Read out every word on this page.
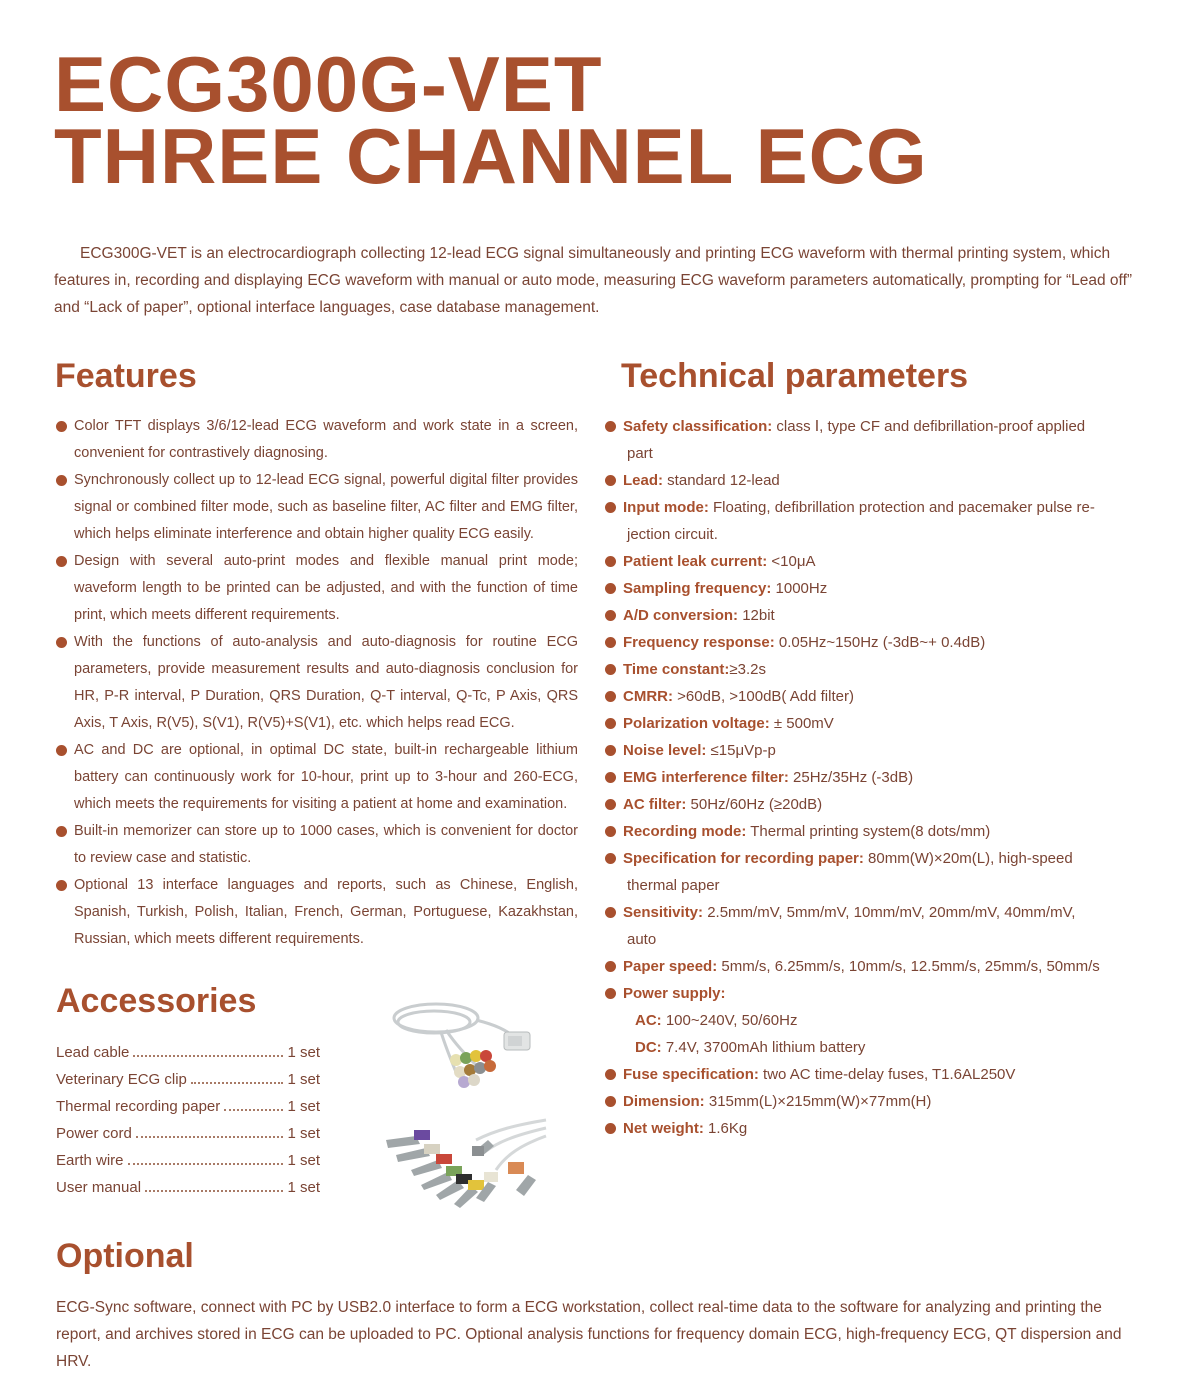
ECG300G-VET
THREE CHANNEL ECG

ECG300G-VET is an electrocardiograph collecting 12-lead ECG signal simultaneously and printing ECG waveform with thermal printing system, which features in, recording and displaying ECG waveform with manual or auto mode, measuring ECG waveform parameters automatically, prompting for “Lead off” and “Lack of paper”, optional interface languages, case database management.

Features
Color TFT displays 3/6/12-lead ECG waveform and work state in a screen, convenient for contrastively diagnosing.
Synchronously collect up to 12-lead ECG signal, powerful digital filter provides signal or combined filter mode, such as baseline filter, AC filter and EMG filter, which helps eliminate interference and obtain higher quality ECG easily.
Design with several auto-print modes and flexible manual print mode; waveform length to be printed can be adjusted, and with the function of time print, which meets different requirements.
With the functions of auto-analysis and auto-diagnosis for routine ECG parameters, provide measurement results and auto-diagnosis conclusion for HR, P-R interval, P Duration, QRS Duration, Q-T interval, Q-Tc, P Axis, QRS Axis, T Axis, R(V5), S(V1), R(V5)+S(V1), etc. which helps read ECG.
AC and DC are optional, in optimal DC state, built-in rechargeable lithium battery can continuously work for 10-hour, print up to 3-hour and 260-ECG, which meets the requirements for visiting a patient at home and examination.
Built-in memorizer can store up to 1000 cases, which is convenient for doctor to review case and statistic.
Optional 13 interface languages and reports, such as Chinese, English, Spanish, Turkish, Polish, Italian, French, German, Portuguese, Kazakhstan, Russian, which meets different requirements.
Technical parameters
Safety classification: class Ⅰ, type CF and defibrillation-proof applied

part
Lead: standard 12-lead
Input mode: Floating, defibrillation protection and pacemaker pulse re-

jection circuit.
Patient leak current: <10μA
Sampling frequency: 1000Hz
A/D conversion: 12bit
Frequency response: 0.05Hz~150Hz (-3dB~+ 0.4dB)
Time constant:≥3.2s
CMRR: >60dB, >100dB( Add filter)
Polarization voltage: ± 500mV
Noise level: ≤15μVp-p
EMG interference filter: 25Hz/35Hz (-3dB)
AC filter: 50Hz/60Hz (≥20dB)
Recording mode: Thermal printing system(8 dots/mm)
Specification for recording paper: 80mm(W)×20m(L), high-speed

thermal paper
Sensitivity: 2.5mm/mV, 5mm/mV, 10mm/mV, 20mm/mV, 40mm/mV,

auto
Paper speed: 5mm/s, 6.25mm/s, 10mm/s, 12.5mm/s, 25mm/s, 50mm/s
Power supply:
AC: 100~240V, 50/60Hz
DC: 7.4V, 3700mAh lithium battery
Fuse specification: two AC time-delay fuses, T1.6AL250V
Dimension: 315mm(L)×215mm(W)×77mm(H)
Net weight: 1.6Kg
Accessories
Lead cable	1 set
Veterinary ECG clip	1 set
Thermal recording paper	1 set
Power cord	1 set
Earth wire	1 set
User manual	1 set
Optional

ECG-Sync software, connect with PC by USB2.0 interface to form a ECG workstation, collect real-time data to the software for analyzing and printing the report, and archives stored in ECG can be uploaded to PC. Optional analysis functions for frequency domain ECG, high-frequency ECG, QT dispersion and HRV.
